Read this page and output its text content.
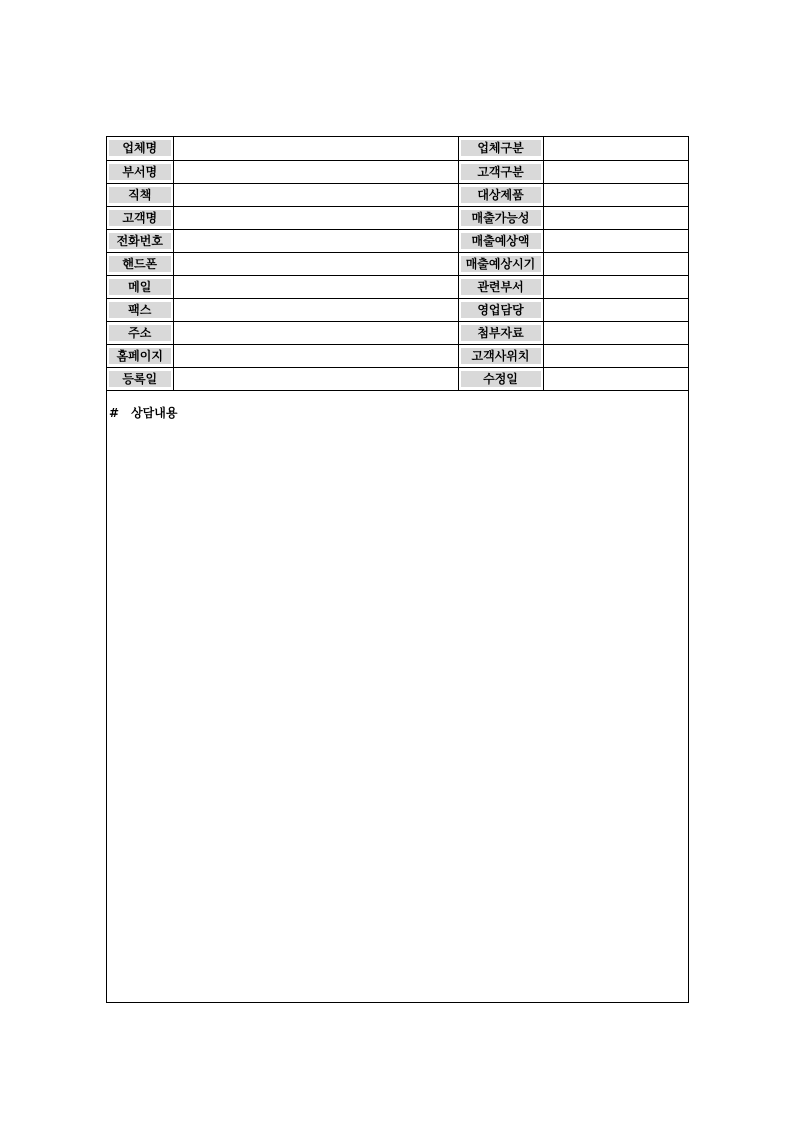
업체명		업체구분	

부서명		고객구분	

직책		대상제품	

고객명		매출가능성	

전화번호		매출예상액	

핸드폰		매출예상시기	

메일		관련부서	

팩스		영업담당	

주소		첨부자료	

홈페이지		고객사위치	

등록일		수정일	

# 상담내용
